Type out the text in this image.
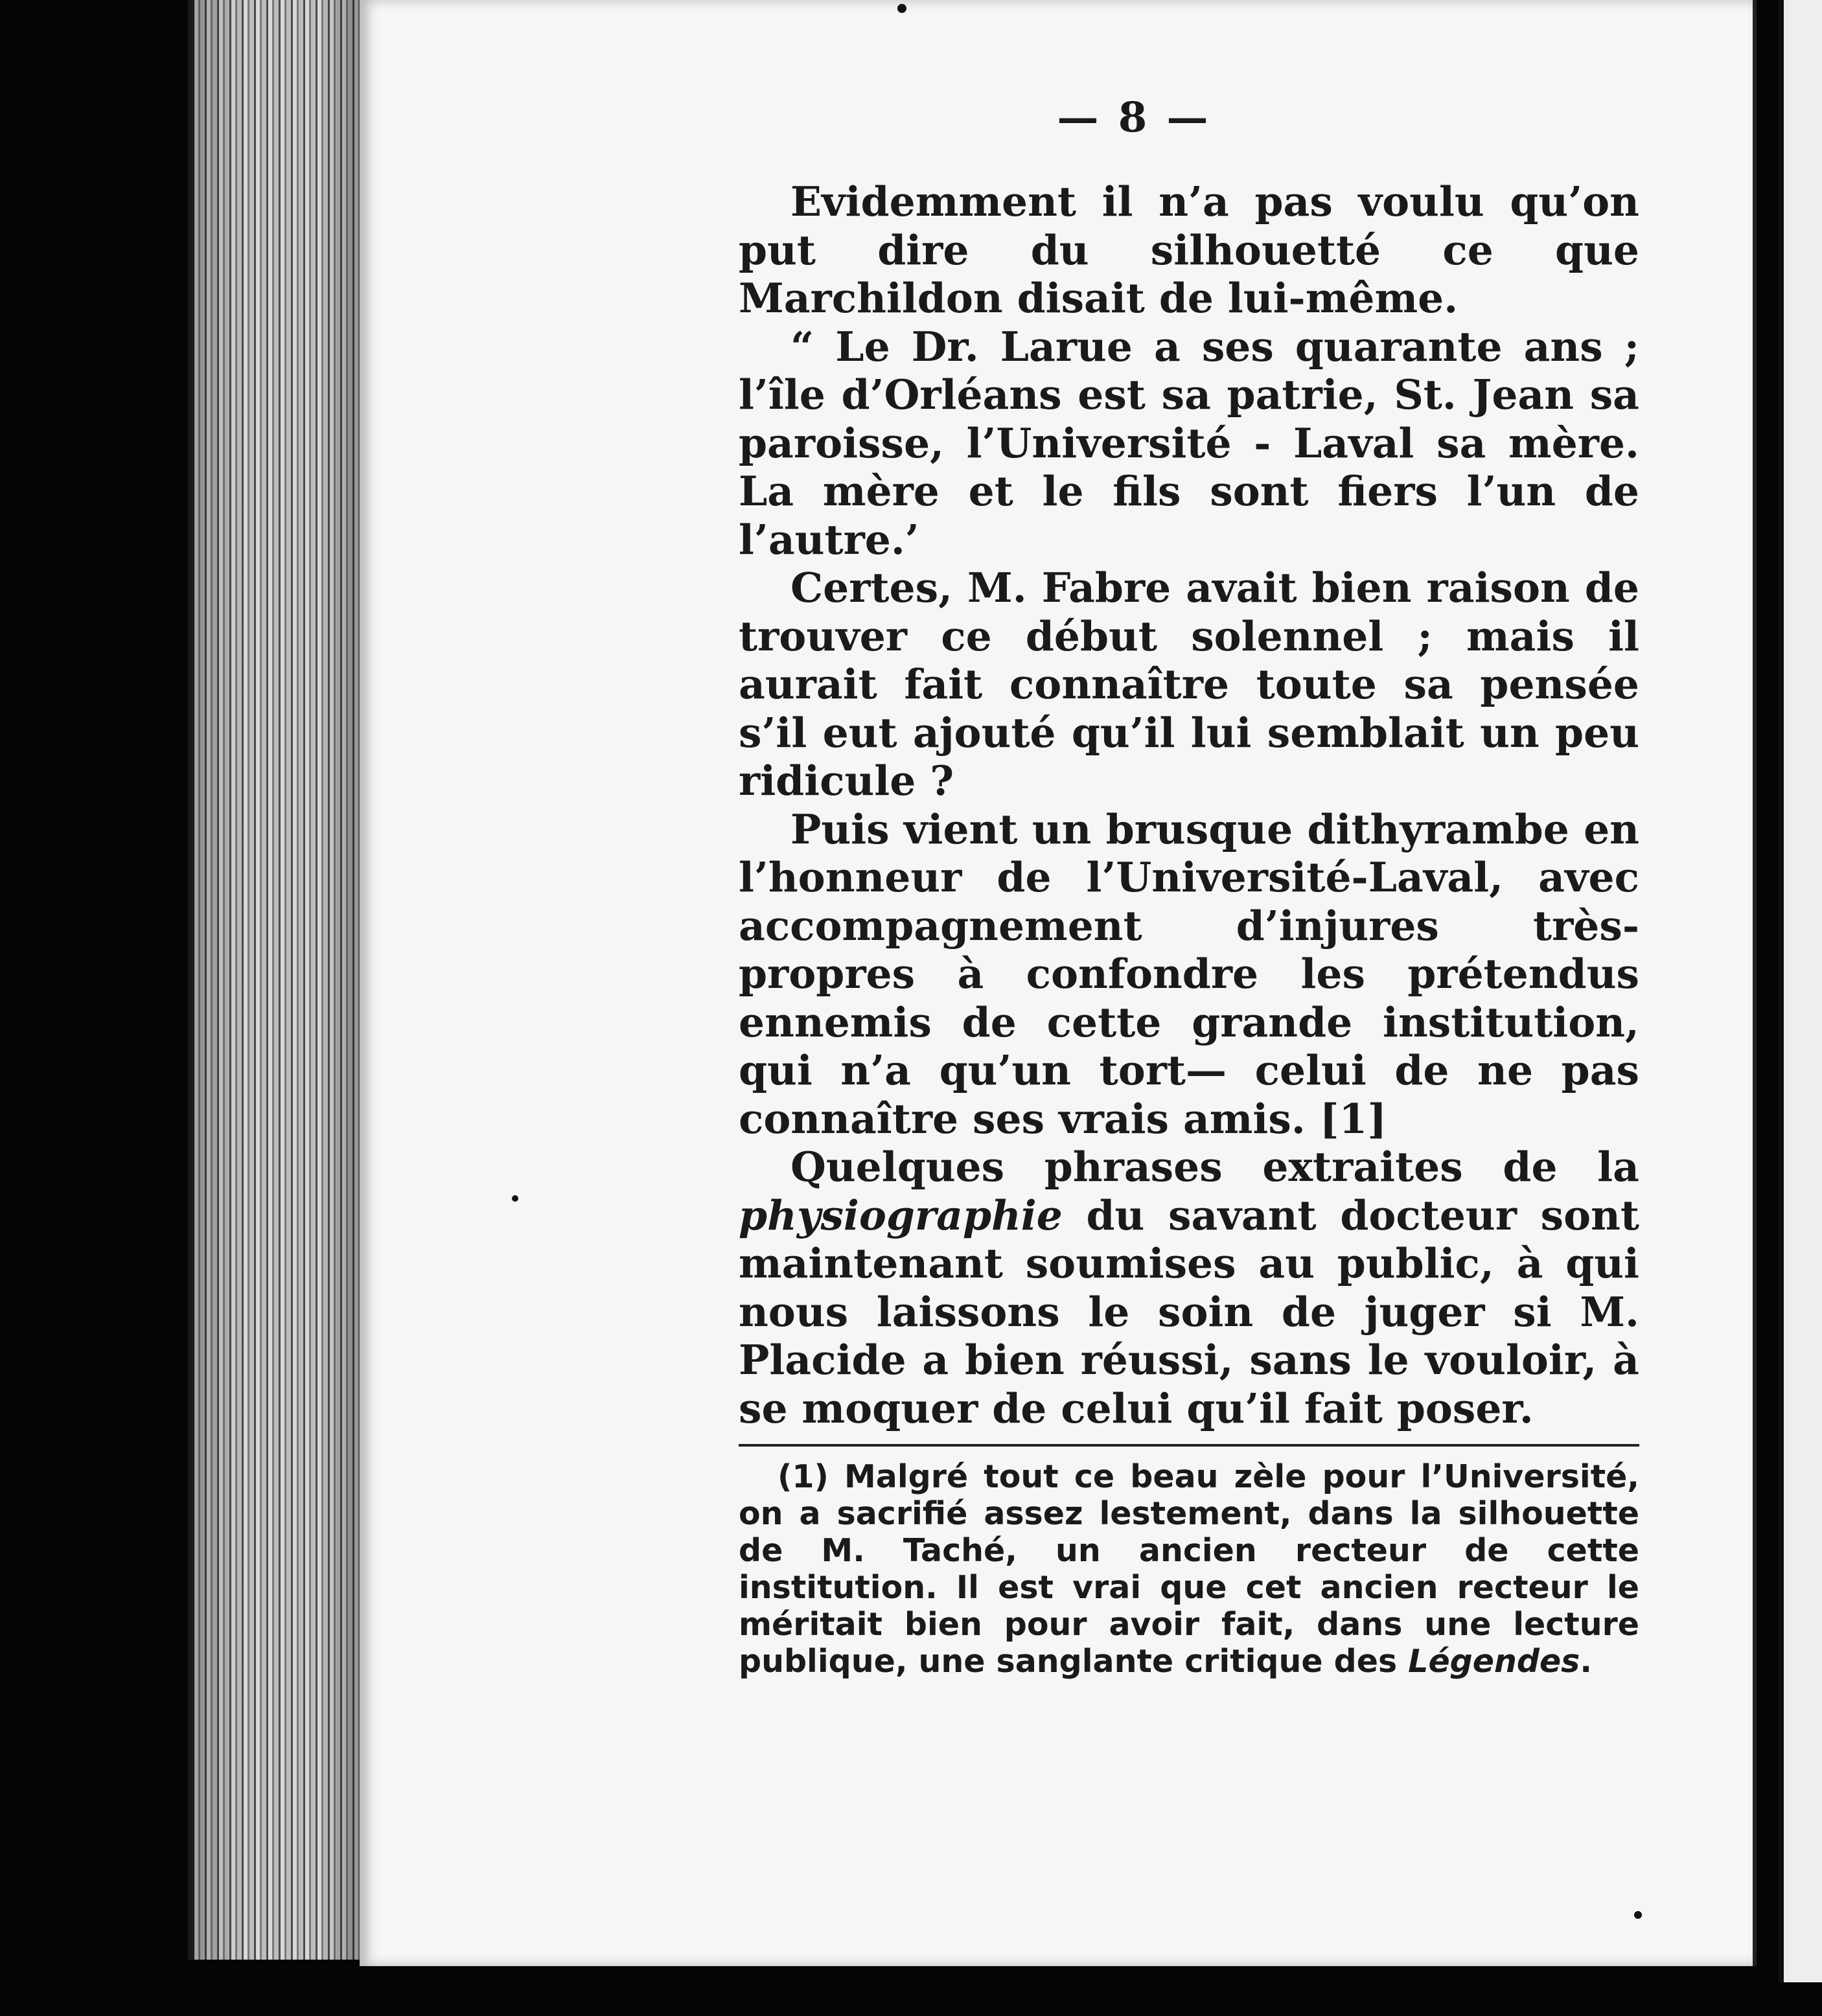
— 8 —

Evidemment il n’a pas voulu qu’on put dire du silhouetté ce que Marchildon disait de lui-même.

“ Le Dr. Larue a ses quarante ans ; l’île d’Orléans est sa patrie, St. Jean sa paroisse, l’Université - Laval sa mère. La mère et le fils sont fiers l’un de l’autre.’

Certes, M. Fabre avait bien raison de trouver ce début solennel ; mais il aurait fait connaître toute sa pensée s’il eut ajouté qu’il lui semblait un peu ridicule ?

Puis vient un brusque dithyrambe en l’honneur de l’Université-Laval, avec accompagnement d’injures très-propres à confondre les prétendus ennemis de cette grande institution, qui n’a qu’un tort— celui de ne pas connaître ses vrais amis. [1]

Quelques phrases extraites de la physiographie du savant docteur sont maintenant soumises au public, à qui nous laissons le soin de juger si M. Placide a bien réussi, sans le vouloir, à se moquer de celui qu’il fait poser.

(1) Malgré tout ce beau zèle pour l’Université, on a sacrifié assez lestement, dans la silhouette de M. Taché, un ancien recteur de cette institution. Il est vrai que cet ancien recteur le méritait bien pour avoir fait, dans une lecture publique, une sanglante critique des Légendes.
